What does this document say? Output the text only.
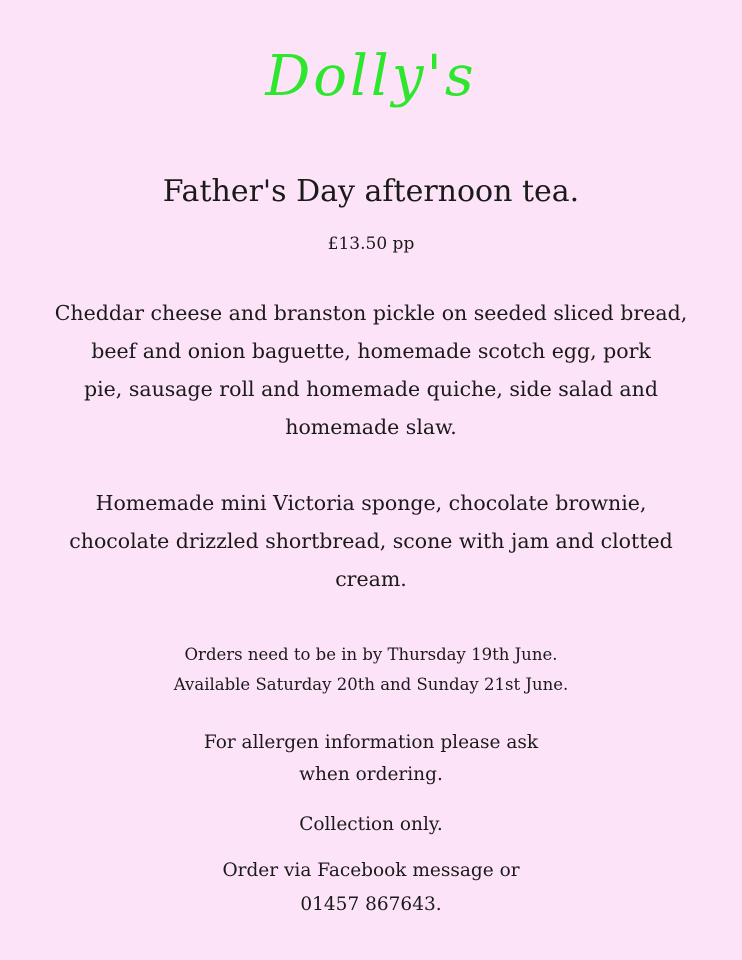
Dolly's
Father's Day afternoon tea.
£13.50 pp
Cheddar cheese and branston pickle on seeded sliced bread,
beef and onion baguette, homemade scotch egg, pork
pie, sausage roll and homemade quiche, side salad and
homemade slaw.
Homemade mini Victoria sponge, chocolate brownie,
chocolate drizzled shortbread, scone with jam and clotted
cream.
Orders need to be in by Thursday 19th June.
Available Saturday 20th and Sunday 21st June.
For allergen information please ask
when ordering.
Collection only.
Order via Facebook message or
01457 867643.
